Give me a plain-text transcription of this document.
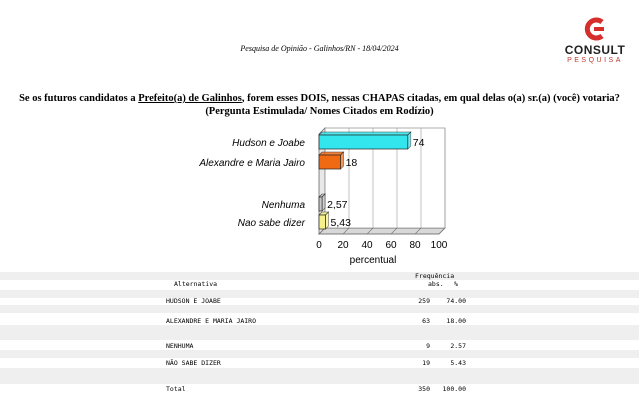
Pesquisa de Opinião - Galinhos/RN - 18/04/2024	CONSULT
PESQUISA
Se os futuros candidatos a Prefeito(a) de Galinhos, forem esses DOIS, nessas CHAPAS citadas, em qual delas o(a) sr.(a) (você) votaria?
(Pergunta Estimulada/ Nomes Citados em Rodízio)
0 20 40 60 80 100
percentual
74
Hudson e Joabe
18
Alexandre e Maria Jairo
2,57
Nenhuma
5,43
Nao sabe dizer
Frequência
Alternativa	abs. %
HUDSON E JOABE	259	74.00
ALEXANDRE E MARIA JAIRO	63	18.00
NENHUMA	9	2.57
NÃO SABE DIZER	19	5.43
Total	350	100.00
